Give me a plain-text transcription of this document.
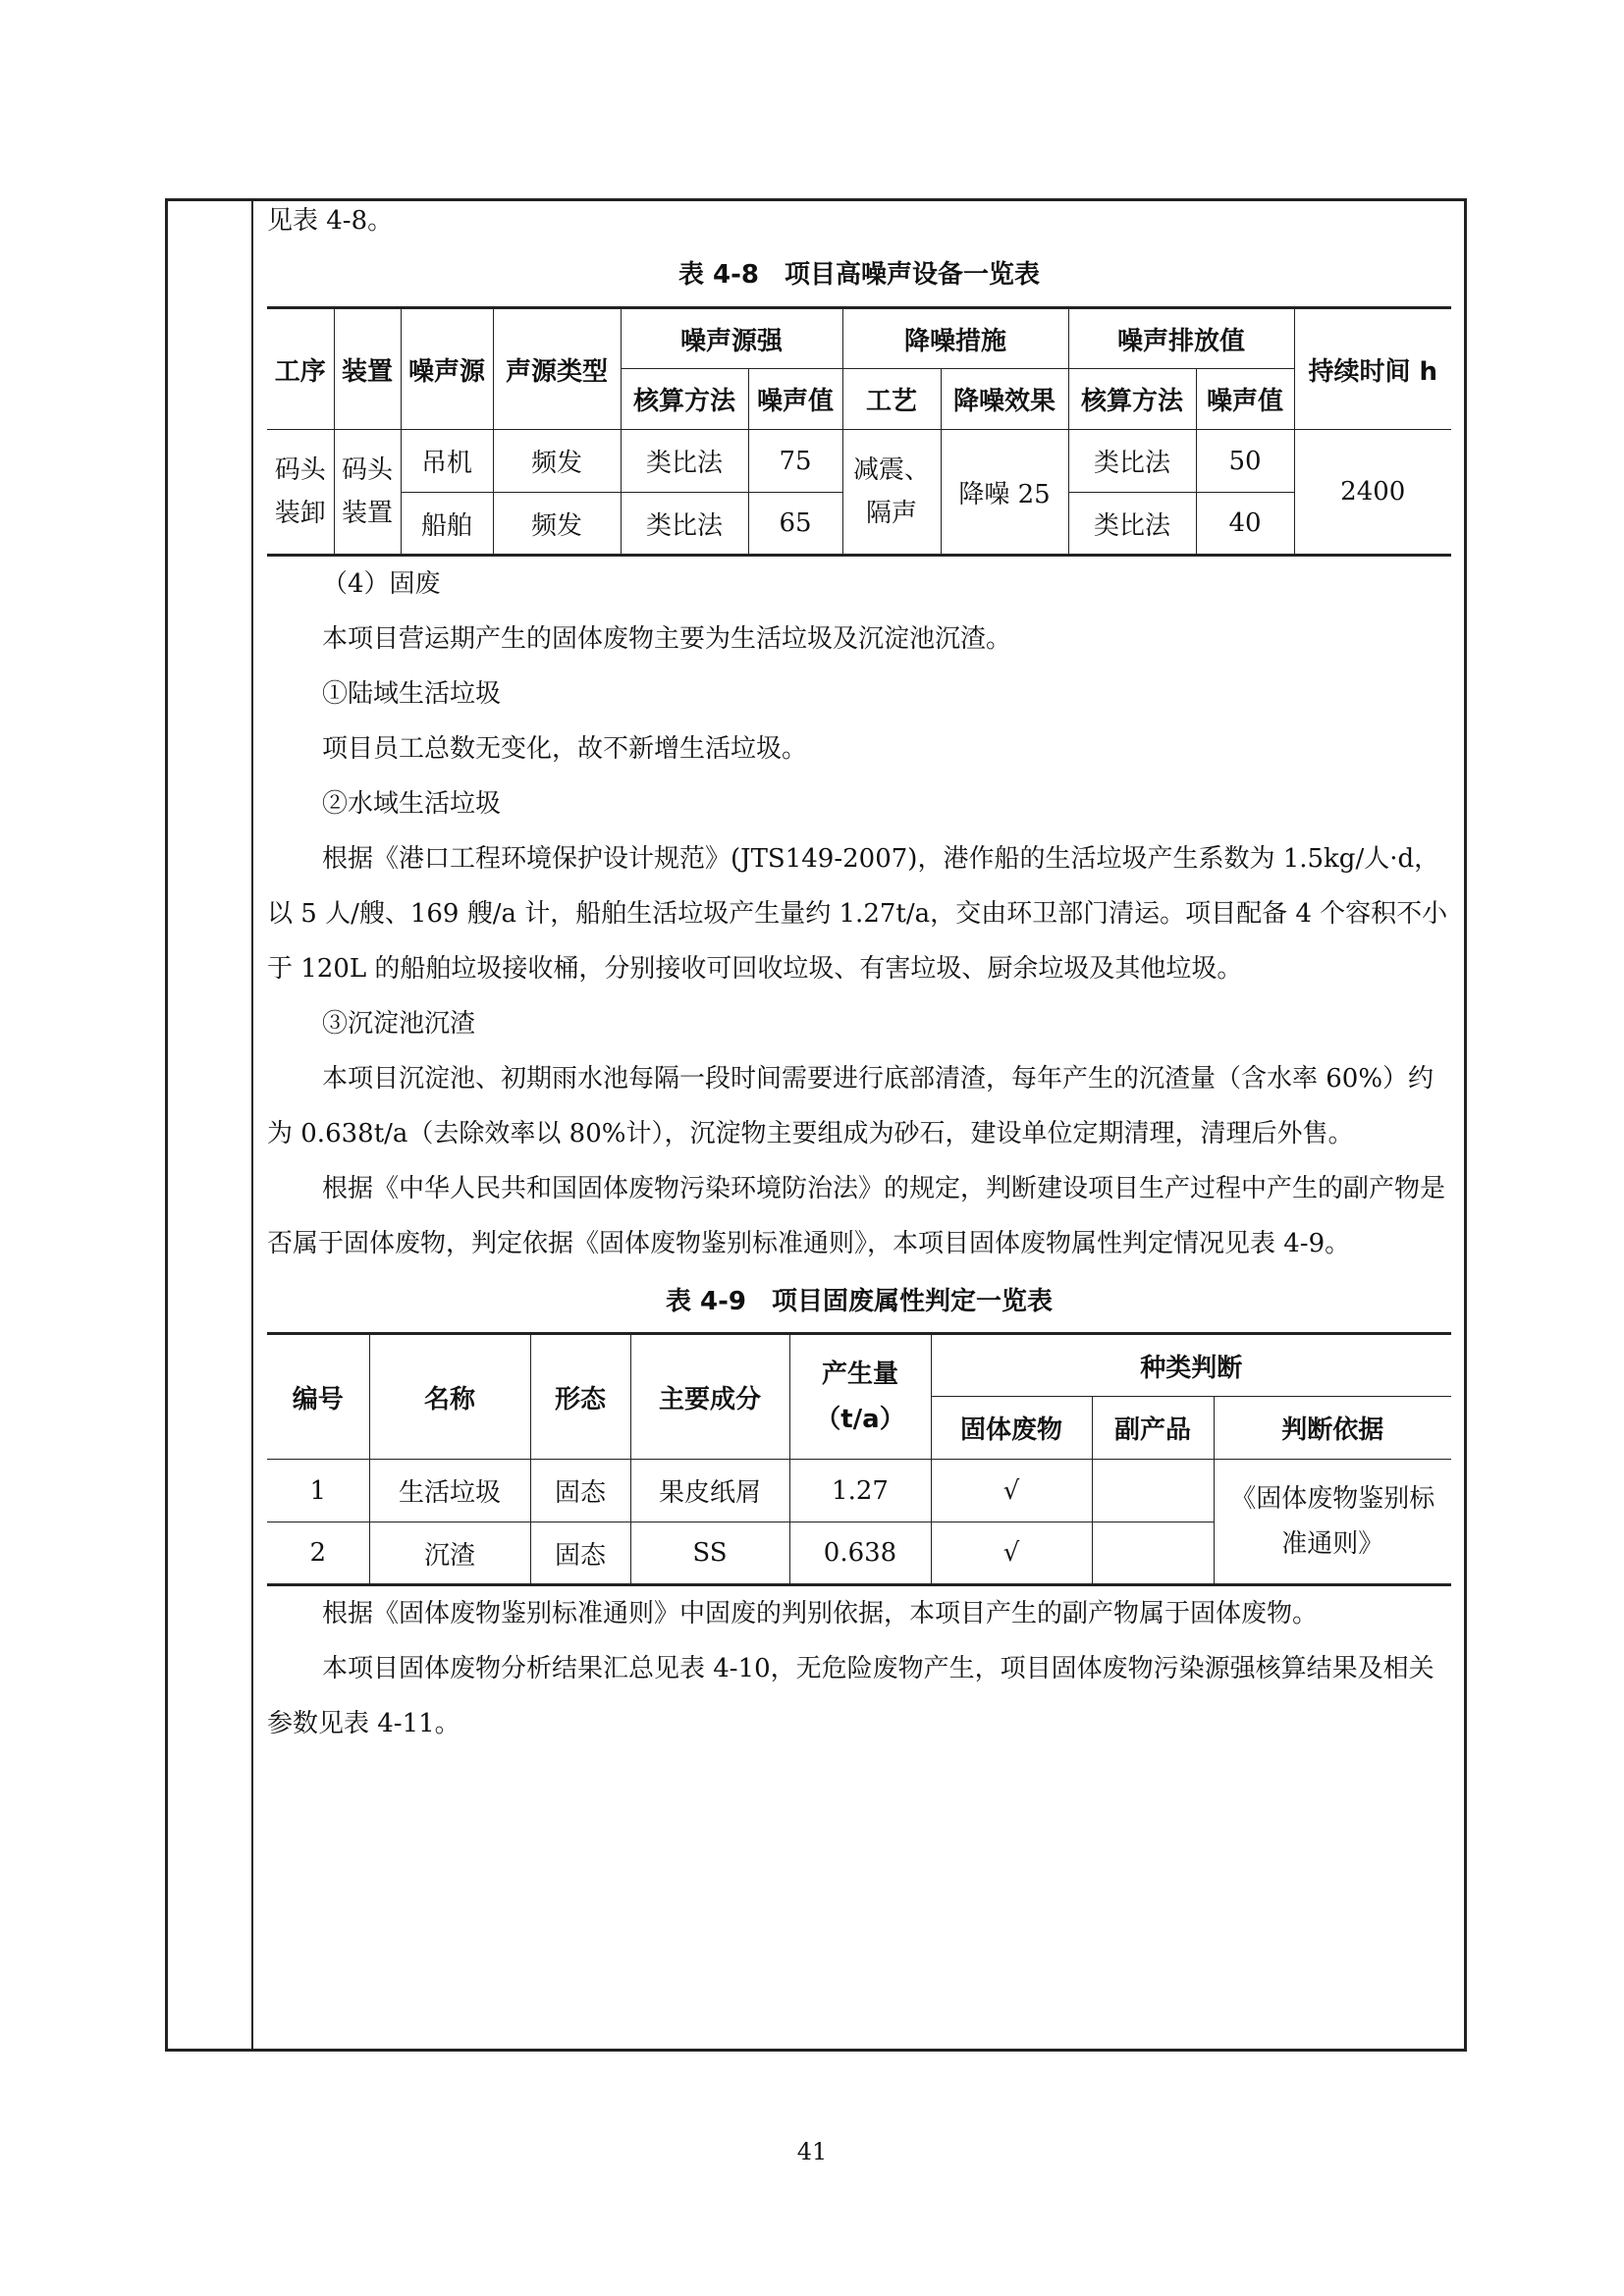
见表 4-8。

表 4-8　项目高噪声设备一览表

工序	装置	噪声源	声源类型	噪声源强		降噪措施		噪声排放值		持续时间 h
				核算方法	噪声值	工艺	降噪效果	核算方法	噪声值	
码头装卸	码头装置	吊机	频发	类比法	75	减震、隔声	降噪 25	类比法	50	2400
		船舶	频发	类比法	65			类比法	40	

（4）固废

本项目营运期产生的固体废物主要为生活垃圾及沉淀池沉渣。

①陆域生活垃圾

项目员工总数无变化，故不新增生活垃圾。

②水域生活垃圾

根据《港口工程环境保护设计规范》(JTS149-2007)，港作船的生活垃圾产生系数为 1.5kg/人·d，以 5 人/艘、169 艘/a 计，船舶生活垃圾产生量约 1.27t/a，交由环卫部门清运。项目配备 4 个容积不小于 120L 的船舶垃圾接收桶，分别接收可回收垃圾、有害垃圾、厨余垃圾及其他垃圾。

③沉淀池沉渣

本项目沉淀池、初期雨水池每隔一段时间需要进行底部清渣，每年产生的沉渣量（含水率 60%）约为 0.638t/a（去除效率以 80%计），沉淀物主要组成为砂石，建设单位定期清理，清理后外售。

根据《中华人民共和国固体废物污染环境防治法》的规定，判断建设项目生产过程中产生的副产物是否属于固体废物，判定依据《固体废物鉴别标准通则》，本项目固体废物属性判定情况见表 4-9。

表 4-9　项目固废属性判定一览表

编号	名称	形态	主要成分	产生量
（t/a）	种类判断		
					固体废物	副产品	判断依据
1	生活垃圾	固态	果皮纸屑	1.27	√		《固体废物鉴别标准通则》
2	沉渣	固态	SS	0.638	√		

根据《固体废物鉴别标准通则》中固废的判别依据，本项目产生的副产物属于固体废物。

本项目固体废物分析结果汇总见表 4-10，无危险废物产生，项目固体废物污染源强核算结果及相关参数见表 4-11。

41
